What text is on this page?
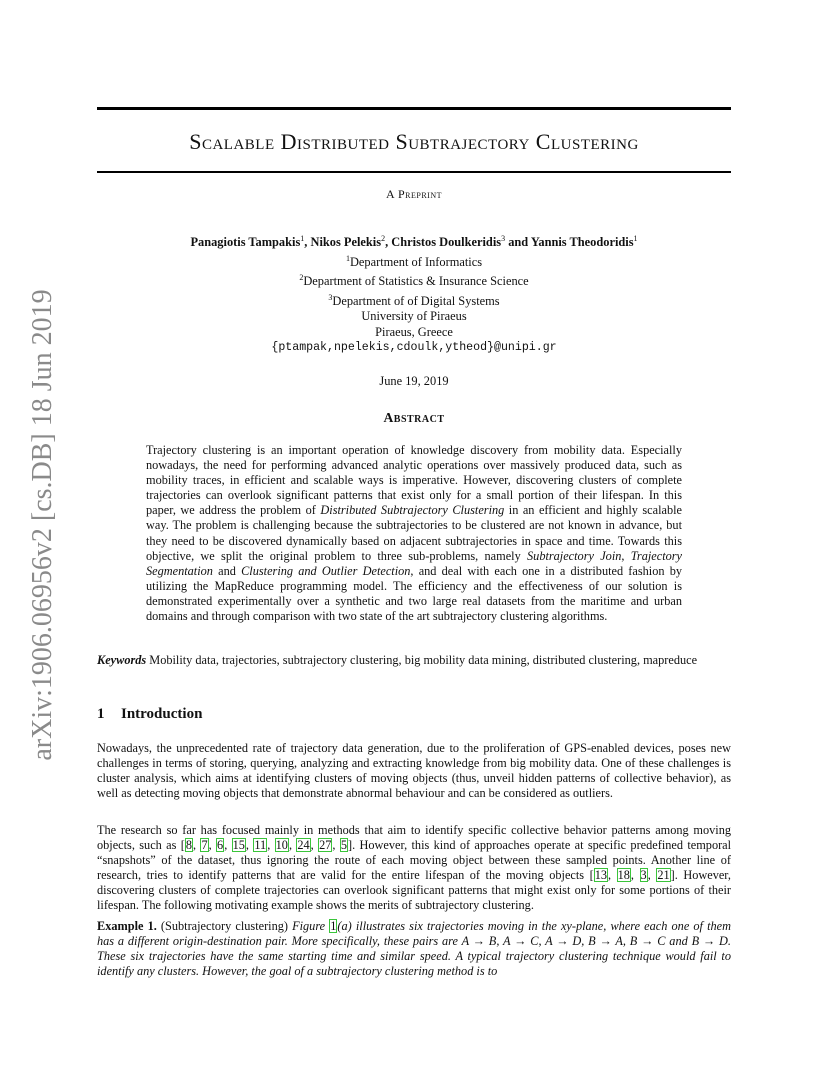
arXiv:1906.06956v2 [cs.DB] 18 Jun 2019
Scalable Distributed Subtrajectory Clustering
A Preprint
Panagiotis Tampakis$^1$, Nikos Pelekis$^2$, Christos Doulkeridis$^3$ and Yannis Theodoridis$^1$
$^1$Department of Informatics
$^2$Department of Statistics & Insurance Science
$^3$Department of of Digital Systems
University of Piraeus
Piraeus, Greece
{ptampak,npelekis,cdoulk,ytheod}@unipi.gr
June 19, 2019
Abstract
Trajectory clustering is an important operation of knowledge discovery from mobility data. Especially nowadays, the need for performing advanced analytic operations over massively produced data, such as mobility traces, in efficient and scalable ways is imperative. However, discovering clusters of complete trajectories can overlook significant patterns that exist only for a small portion of their lifespan. In this paper, we address the problem of Distributed Subtrajectory Clustering in an efficient and highly scalable way. The problem is challenging because the subtrajectories to be clustered are not known in advance, but they need to be discovered dynamically based on adjacent subtrajectories in space and time. Towards this objective, we split the original problem to three sub-problems, namely Subtrajectory Join, Trajectory Segmentation and Clustering and Outlier Detection, and deal with each one in a distributed fashion by utilizing the MapReduce programming model. The efficiency and the effectiveness of our solution is demonstrated experimentally over a synthetic and two large real datasets from the maritime and urban domains and through comparison with two state of the art subtrajectory clustering algorithms.
Keywords Mobility data, trajectories, subtrajectory clustering, big mobility data mining, distributed clustering, mapreduce
1 Introduction
Nowadays, the unprecedented rate of trajectory data generation, due to the proliferation of GPS-enabled devices, poses new challenges in terms of storing, querying, analyzing and extracting knowledge from big mobility data. One of these challenges is cluster analysis, which aims at identifying clusters of moving objects (thus, unveil hidden patterns of collective behavior), as well as detecting moving objects that demonstrate abnormal behaviour and can be considered as outliers.
The research so far has focused mainly in methods that aim to identify specific collective behavior patterns among moving objects, such as [8, 7, 6, 15, 11, 10, 24, 27, 5]. However, this kind of approaches operate at specific predefined temporal “snapshots” of the dataset, thus ignoring the route of each moving object between these sampled points. Another line of research, tries to identify patterns that are valid for the entire lifespan of the moving objects [13, 18, 3, 21]. However, discovering clusters of complete trajectories can overlook significant patterns that might exist only for some portions of their lifespan. The following motivating example shows the merits of subtrajectory clustering.
Example 1. (Subtrajectory clustering) Figure 1(a) illustrates six trajectories moving in the xy-plane, where each one of them has a different origin-destination pair. More specifically, these pairs are A → B, A → C, A → D, B → A, B → C and B → D. These six trajectories have the same starting time and similar speed. A typical trajectory clustering technique would fail to identify any clusters. However, the goal of a subtrajectory clustering method is to
